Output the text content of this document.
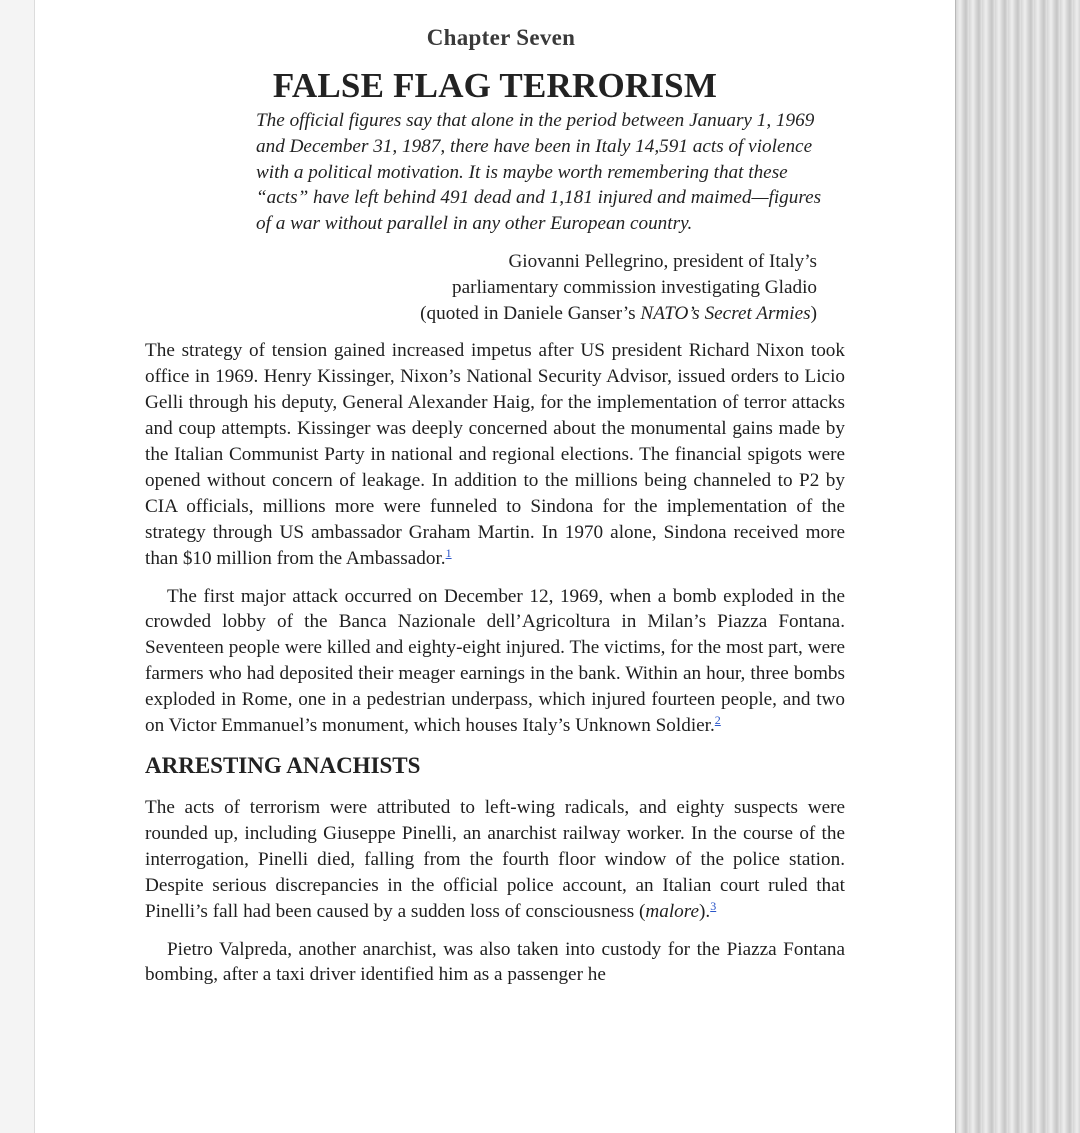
Chapter Seven
FALSE FLAG TERRORISM
The official figures say that alone in the period between January 1, 1969 and December 31, 1987, there have been in Italy 14,591 acts of violence with a political motivation. It is maybe worth remembering that these “acts” have left behind 491 dead and 1,181 injured and maimed—figures of a war without parallel in any other European country.
Giovanni Pellegrino, president of Italy’s
parliamentary commission investigating Gladio
(quoted in Daniele Ganser’s NATO’s Secret Armies)

The strategy of tension gained increased impetus after US president Richard Nixon took office in 1969. Henry Kissinger, Nixon’s National Security Advisor, issued orders to Licio Gelli through his deputy, General Alexander Haig, for the implementation of terror attacks and coup attempts. Kissinger was deeply concerned about the monumental gains made by the Italian Communist Party in national and regional elections. The financial spigots were opened without concern of leakage. In addition to the millions being channeled to P2 by CIA officials, millions more were funneled to Sindona for the implementation of the strategy through US ambassador Graham Martin. In 1970 alone, Sindona received more than $10 million from the Ambassador.$^1$

The first major attack occurred on December 12, 1969, when a bomb exploded in the crowded lobby of the Banca Nazionale dell’Agricoltura in Milan’s Piazza Fontana. Seventeen people were killed and eighty-eight injured. The victims, for the most part, were farmers who had deposited their meager earnings in the bank. Within an hour, three bombs exploded in Rome, one in a pedestrian underpass, which injured fourteen people, and two on Victor Emmanuel’s monument, which houses Italy’s Unknown Soldier.$^2$

ARRESTING ANACHISTS

The acts of terrorism were attributed to left-wing radicals, and eighty suspects were rounded up, including Giuseppe Pinelli, an anarchist railway worker. In the course of the interrogation, Pinelli died, falling from the fourth floor window of the police station. Despite serious discrepancies in the official police account, an Italian court ruled that Pinelli’s fall had been caused by a sudden loss of consciousness (malore).$^3$

Pietro Valpreda, another anarchist, was also taken into custody for the Piazza Fontana bombing, after a taxi driver identified him as a passenger he
